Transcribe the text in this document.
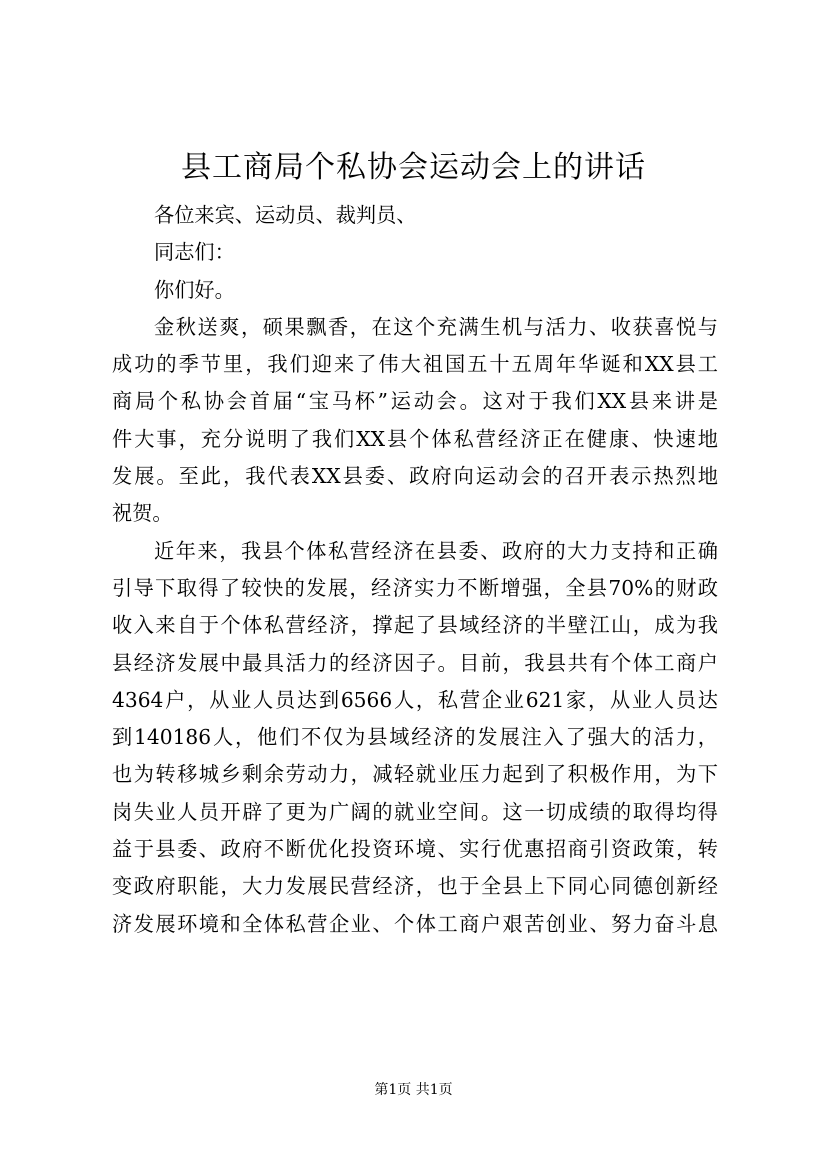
县工商局个私协会运动会上的讲话
各位来宾、运动员、裁判员、
同志们：
你们好。
金秋送爽，硕果飘香，在这个充满生机与活力、收获喜悦与
成功的季节里，我们迎来了伟大祖国五十五周年华诞和XX县工
商局个私协会首届“宝马杯”运动会。这对于我们XX县来讲是
件大事，充分说明了我们XX县个体私营经济正在健康、快速地
发展。至此，我代表XX县委、政府向运动会的召开表示热烈地
祝贺。
近年来，我县个体私营经济在县委、政府的大力支持和正确
引导下取得了较快的发展，经济实力不断增强，全县70%的财政
收入来自于个体私营经济，撑起了县域经济的半壁江山，成为我
县经济发展中最具活力的经济因子。目前，我县共有个体工商户
4364户，从业人员达到6566人，私营企业621家，从业人员达
到140186人，他们不仅为县域经济的发展注入了强大的活力，
也为转移城乡剩余劳动力，减轻就业压力起到了积极作用，为下
岗失业人员开辟了更为广阔的就业空间。这一切成绩的取得均得
益于县委、政府不断优化投资环境、实行优惠招商引资政策，转
变政府职能，大力发展民营经济，也于全县上下同心同德创新经
济发展环境和全体私营企业、个体工商户艰苦创业、努力奋斗息
第1页 共1页
